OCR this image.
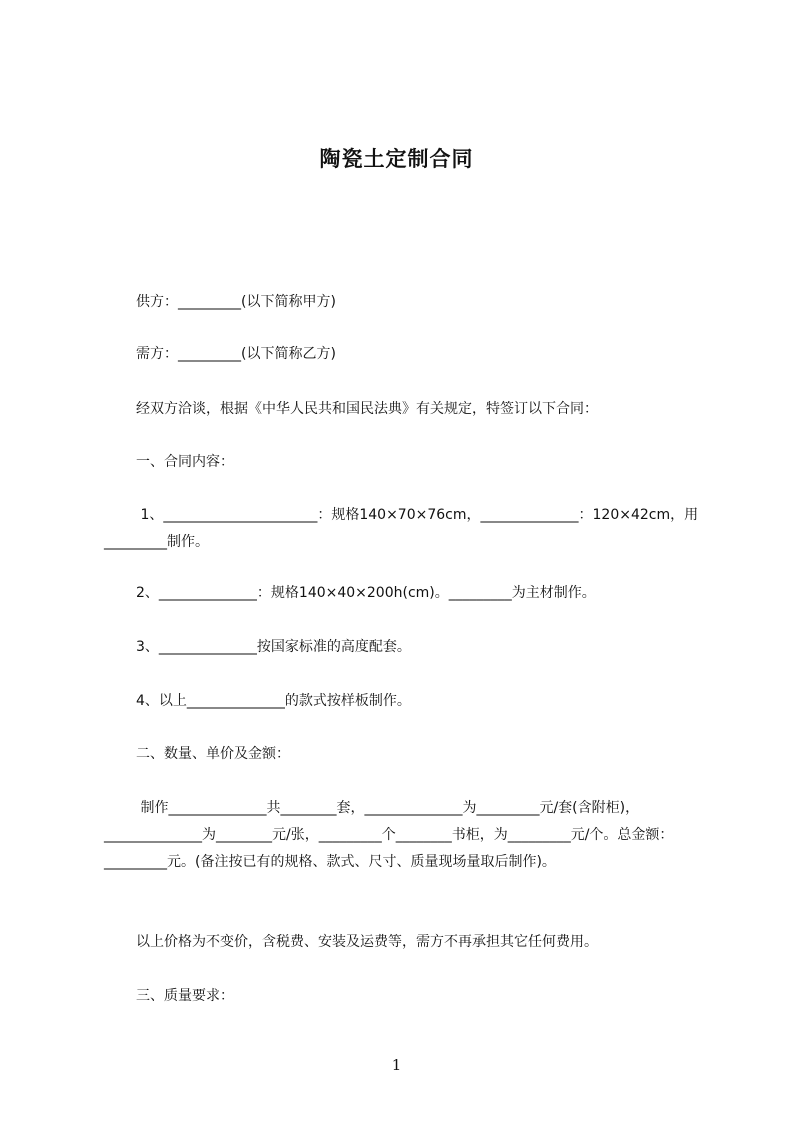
陶瓷土定制合同
供方：_________(以下简称甲方)
需方：_________(以下简称乙方)
经双方洽谈，根据《中华人民共和国民法典》有关规定，特签订以下合同：
一、合同内容：
1、______________________：规格140×70×76cm，______________：120×42cm，用_________制作。
2、______________：规格140×40×200h(cm)。_________为主材制作。
3、______________按国家标准的高度配套。
4、以上______________的款式按样板制作。
二、数量、单价及金额：
制作______________共________套，______________为_________元/套(含附柜)，______________为________元/张，_________个________书柜，为_________元/个。总金额：_________元。(备注按已有的规格、款式、尺寸、质量现场量取后制作)。
以上价格为不变价，含税费、安装及运费等，需方不再承担其它任何费用。
三、质量要求：
1
